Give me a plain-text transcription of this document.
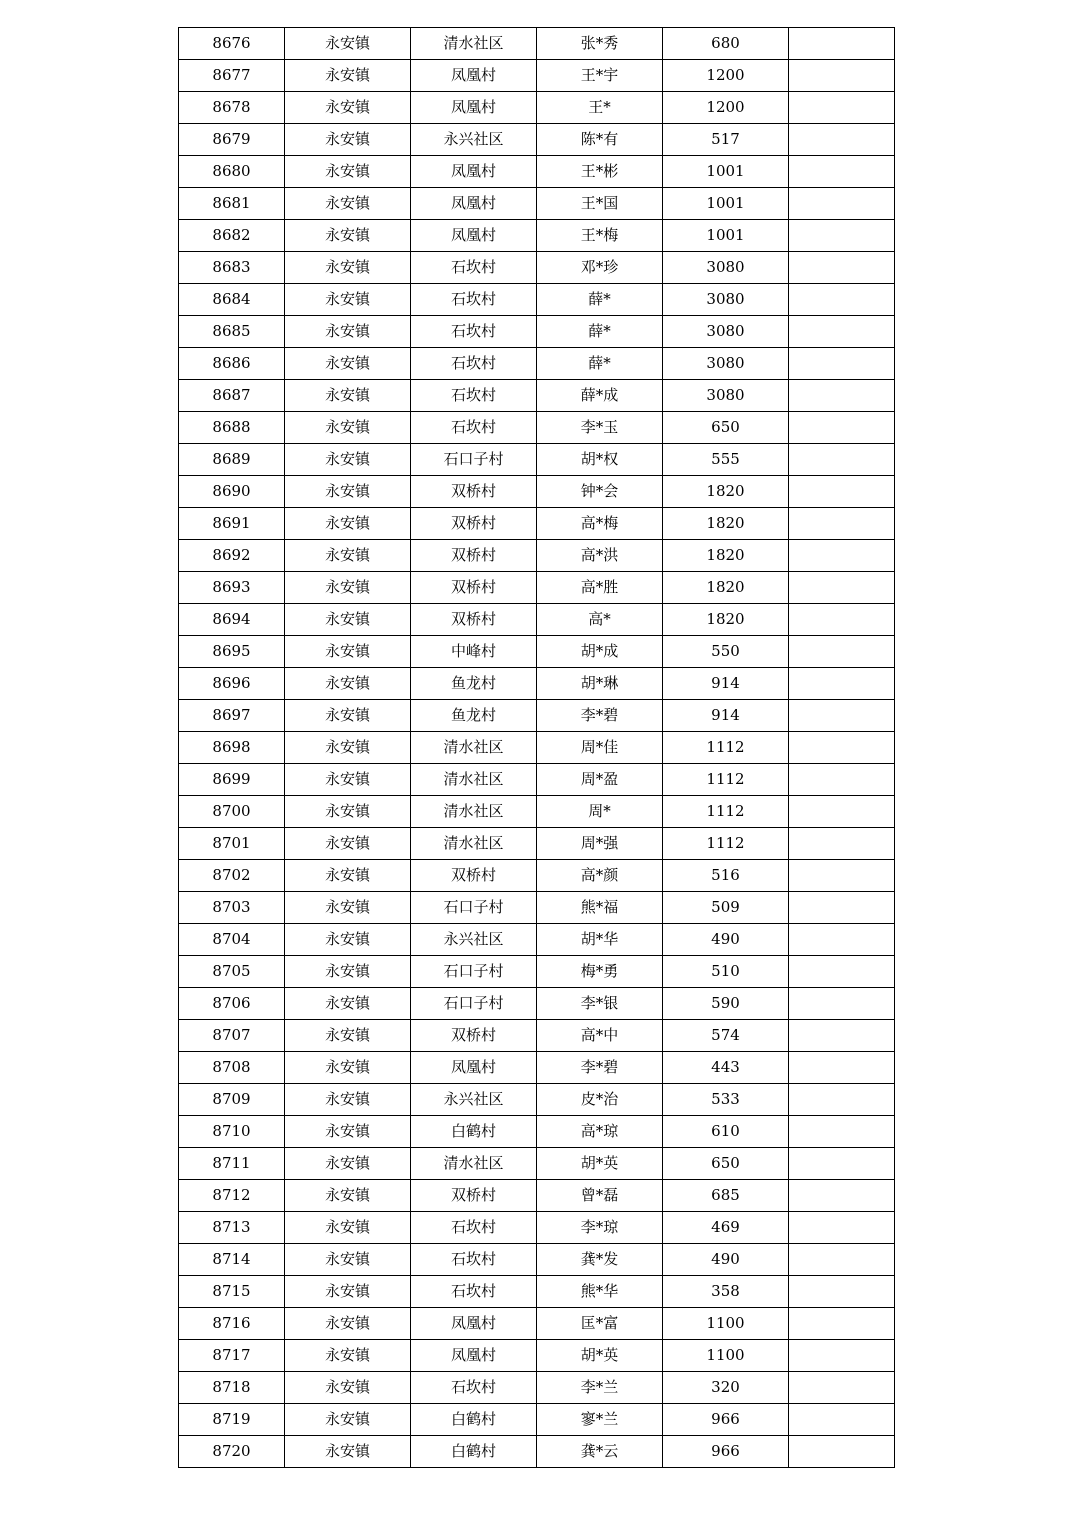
8676	永安镇	清水社区	张*秀	680	
8677	永安镇	凤凰村	王*宇	1200	
8678	永安镇	凤凰村	王*	1200	
8679	永安镇	永兴社区	陈*有	517	
8680	永安镇	凤凰村	王*彬	1001	
8681	永安镇	凤凰村	王*国	1001	
8682	永安镇	凤凰村	王*梅	1001	
8683	永安镇	石坎村	邓*珍	3080	
8684	永安镇	石坎村	薛*	3080	
8685	永安镇	石坎村	薛*	3080	
8686	永安镇	石坎村	薛*	3080	
8687	永安镇	石坎村	薛*成	3080	
8688	永安镇	石坎村	李*玉	650	
8689	永安镇	石口子村	胡*权	555	
8690	永安镇	双桥村	钟*会	1820	
8691	永安镇	双桥村	高*梅	1820	
8692	永安镇	双桥村	高*洪	1820	
8693	永安镇	双桥村	高*胜	1820	
8694	永安镇	双桥村	高*	1820	
8695	永安镇	中峰村	胡*成	550	
8696	永安镇	鱼龙村	胡*琳	914	
8697	永安镇	鱼龙村	李*碧	914	
8698	永安镇	清水社区	周*佳	1112	
8699	永安镇	清水社区	周*盈	1112	
8700	永安镇	清水社区	周*	1112	
8701	永安镇	清水社区	周*强	1112	
8702	永安镇	双桥村	高*颜	516	
8703	永安镇	石口子村	熊*福	509	
8704	永安镇	永兴社区	胡*华	490	
8705	永安镇	石口子村	梅*勇	510	
8706	永安镇	石口子村	李*银	590	
8707	永安镇	双桥村	高*中	574	
8708	永安镇	凤凰村	李*碧	443	
8709	永安镇	永兴社区	皮*治	533	
8710	永安镇	白鹤村	高*琼	610	
8711	永安镇	清水社区	胡*英	650	
8712	永安镇	双桥村	曾*磊	685	
8713	永安镇	石坎村	李*琼	469	
8714	永安镇	石坎村	龚*发	490	
8715	永安镇	石坎村	熊*华	358	
8716	永安镇	凤凰村	匡*富	1100	
8717	永安镇	凤凰村	胡*英	1100	
8718	永安镇	石坎村	李*兰	320	
8719	永安镇	白鹤村	寥*兰	966	
8720	永安镇	白鹤村	龚*云	966	
